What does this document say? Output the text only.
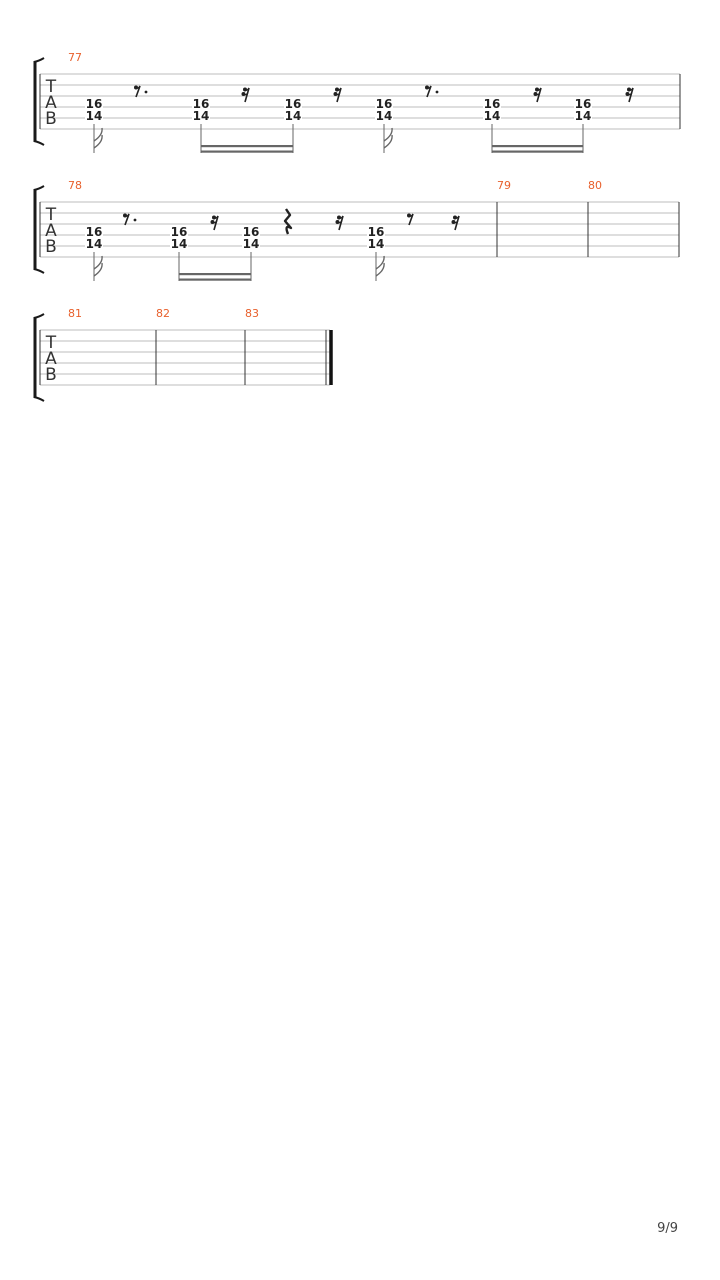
T
A
B
77
16
14
16
14
16
14
16
14
16
14
16
14
T
A
B
78
16
14
16
14
16
14
16
14
79	80
T
A
B
81	82	83
9/9
